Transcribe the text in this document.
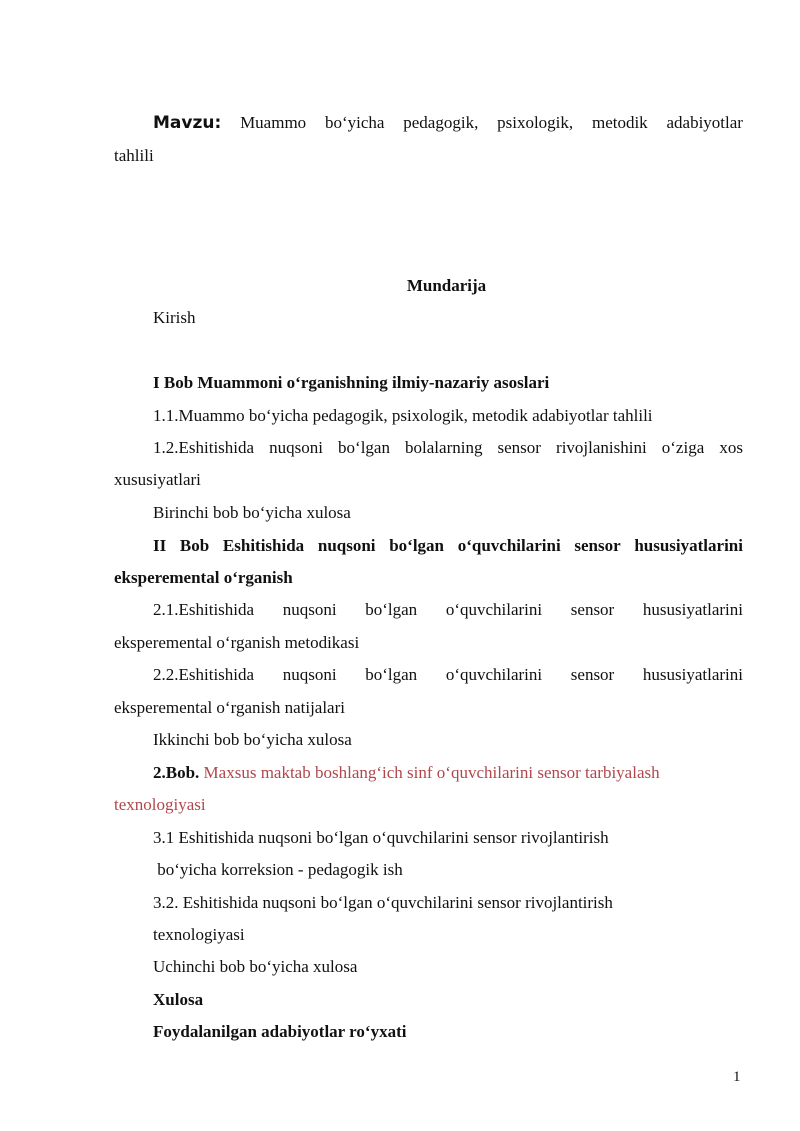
Mavzu: Muammo bo‘yicha pedagogik, psixologik, metodik adabiyotlar
tahlili
Mundarija
Kirish
I Bob Muammoni o‘rganishning ilmiy-nazariy asoslari
1.1.Muammo bo‘yicha pedagogik, psixologik, metodik adabiyotlar tahlili
1.2.Eshitishida nuqsoni bo‘lgan bolalarning sensor rivojlanishini o‘ziga xos
xususiyatlari
Birinchi bob bo‘yicha xulosa
II Bob Eshitishida nuqsoni bo‘lgan o‘quvchilarini sensor hususiyatlarini
eksperemental o‘rganish
2.1.Eshitishida nuqsoni bo‘lgan o‘quvchilarini sensor hususiyatlarini
eksperemental o‘rganish metodikasi
2.2.Eshitishida nuqsoni bo‘lgan o‘quvchilarini sensor hususiyatlarini
eksperemental o‘rganish natijalari
Ikkinchi bob bo‘yicha xulosa
2.Bob. Maxsus maktab boshlang‘ich sinf o‘quvchilarini sensor tarbiyalash
texnologiyasi
3.1 Eshitishida nuqsoni bo‘lgan o‘quvchilarini sensor rivojlantirish
bo‘yicha korreksion - pedagogik ish
3.2. Eshitishida nuqsoni bo‘lgan o‘quvchilarini sensor rivojlantirish
texnologiyasi
Uchinchi bob bo‘yicha xulosa
Xulosa
Foydalanilgan adabiyotlar ro‘yxati
1
